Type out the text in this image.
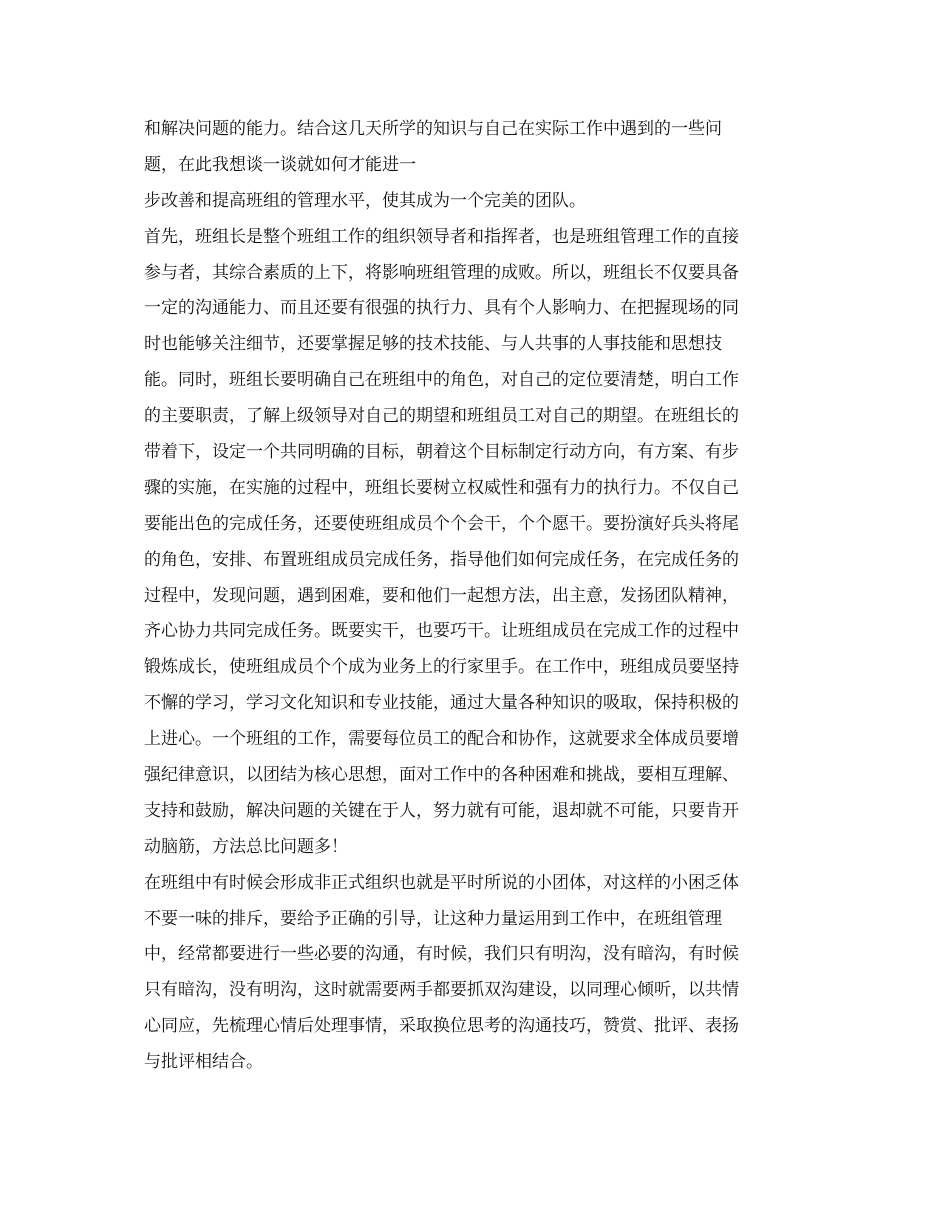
和解决问题的能力。结合这几天所学的知识与自己在实际工作中遇到的一些问
题，在此我想谈一谈就如何才能进一
步改善和提高班组的管理水平，使其成为一个完美的团队。
首先，班组长是整个班组工作的组织领导者和指挥者，也是班组管理工作的直接
参与者，其综合素质的上下，将影响班组管理的成败。所以，班组长不仅要具备
一定的沟通能力、而且还要有很强的执行力、具有个人影响力、在把握现场的同
时也能够关注细节，还要掌握足够的技术技能、与人共事的人事技能和思想技
能。同时，班组长要明确自己在班组中的角色，对自己的定位要清楚，明白工作
的主要职责，了解上级领导对自己的期望和班组员工对自己的期望。在班组长的
带着下，设定一个共同明确的目标，朝着这个目标制定行动方向，有方案、有步
骤的实施，在实施的过程中，班组长要树立权威性和强有力的执行力。不仅自己
要能出色的完成任务，还要使班组成员个个会干，个个愿干。要扮演好兵头将尾
的角色，安排、布置班组成员完成任务，指导他们如何完成任务，在完成任务的
过程中，发现问题，遇到困难，要和他们一起想方法，出主意，发扬团队精神，
齐心协力共同完成任务。既要实干，也要巧干。让班组成员在完成工作的过程中
锻炼成长，使班组成员个个成为业务上的行家里手。在工作中，班组成员要坚持
不懈的学习，学习文化知识和专业技能，通过大量各种知识的吸取，保持积极的
上进心。一个班组的工作，需要每位员工的配合和协作，这就要求全体成员要增
强纪律意识，以团结为核心思想，面对工作中的各种困难和挑战，要相互理解、
支持和鼓励，解决问题的关键在于人，努力就有可能，退却就不可能，只要肯开
动脑筋，方法总比问题多！
在班组中有时候会形成非正式组织也就是平时所说的小团体，对这样的小困乏体
不要一味的排斥，要给予正确的引导，让这种力量运用到工作中，在班组管理
中，经常都要进行一些必要的沟通，有时候，我们只有明沟，没有暗沟，有时候
只有暗沟，没有明沟，这时就需要两手都要抓双沟建设，以同理心倾听，以共情
心同应，先梳理心情后处理事情，采取换位思考的沟通技巧，赞赏、批评、表扬
与批评相结合。
